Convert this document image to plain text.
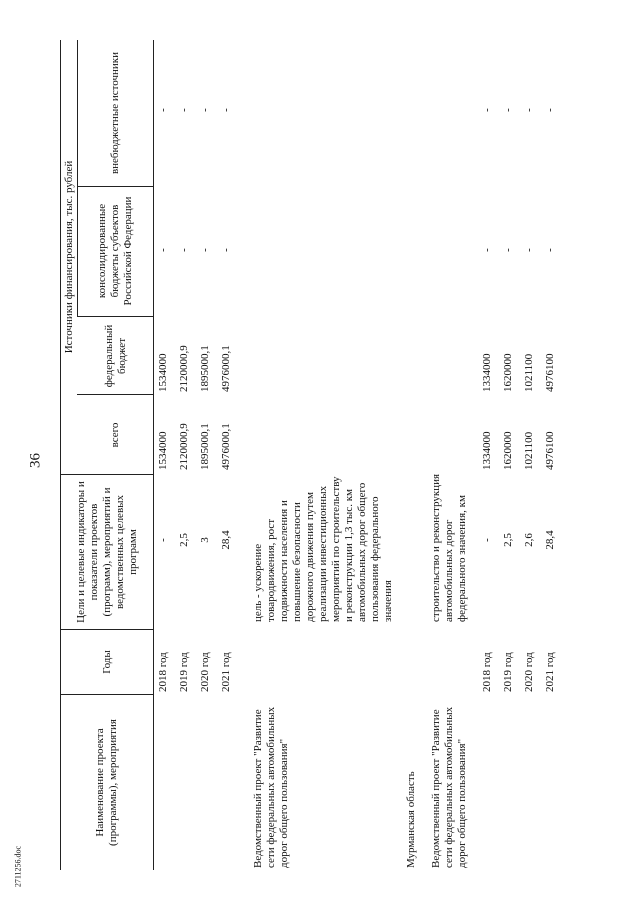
36
2711256.doc
Наименование проекта (программы), мероприятия
Годы
Цели и целевые индикаторы и показатели проектов (программ), мероприятий и ведомственных целевых программ
Источники финансирования, тыс. рублей
всего
федеральный бюджет
консолидированные бюджеты субъектов Российской Федерации
внебюджетные источники
Ведомственный проект "Развитие сети федеральных автомобильных дорог общего пользования"
цель - ускорение товародвижения, рост подвижности населения и повышение безопасности дорожного движения путем реализации инвестиционных мероприятий по строительству и реконструкции 1,3 тыс. км автомобильных дорог общего пользования федерального значения
2018 год
-
1534000
1534000
-
-
2019 год
2,5
2120000,9
2120000,9
-
-
2020 год
3
1895000,1
1895000,1
-
-
2021 год
28,4
4976000,1
4976000,1
-
-
Мурманская область Ведомственный проект "Развитие сети федеральных автомобильных дорог общего пользования"
строительство и реконструкция автомобильных дорог федерального значения, км
2018 год
-
1334000
1334000
-
-
2019 год
2,5
1620000
1620000
-
-
2020 год
2,6
1021100
1021100
-
-
2021 год
28,4
4976100
4976100
-
-
